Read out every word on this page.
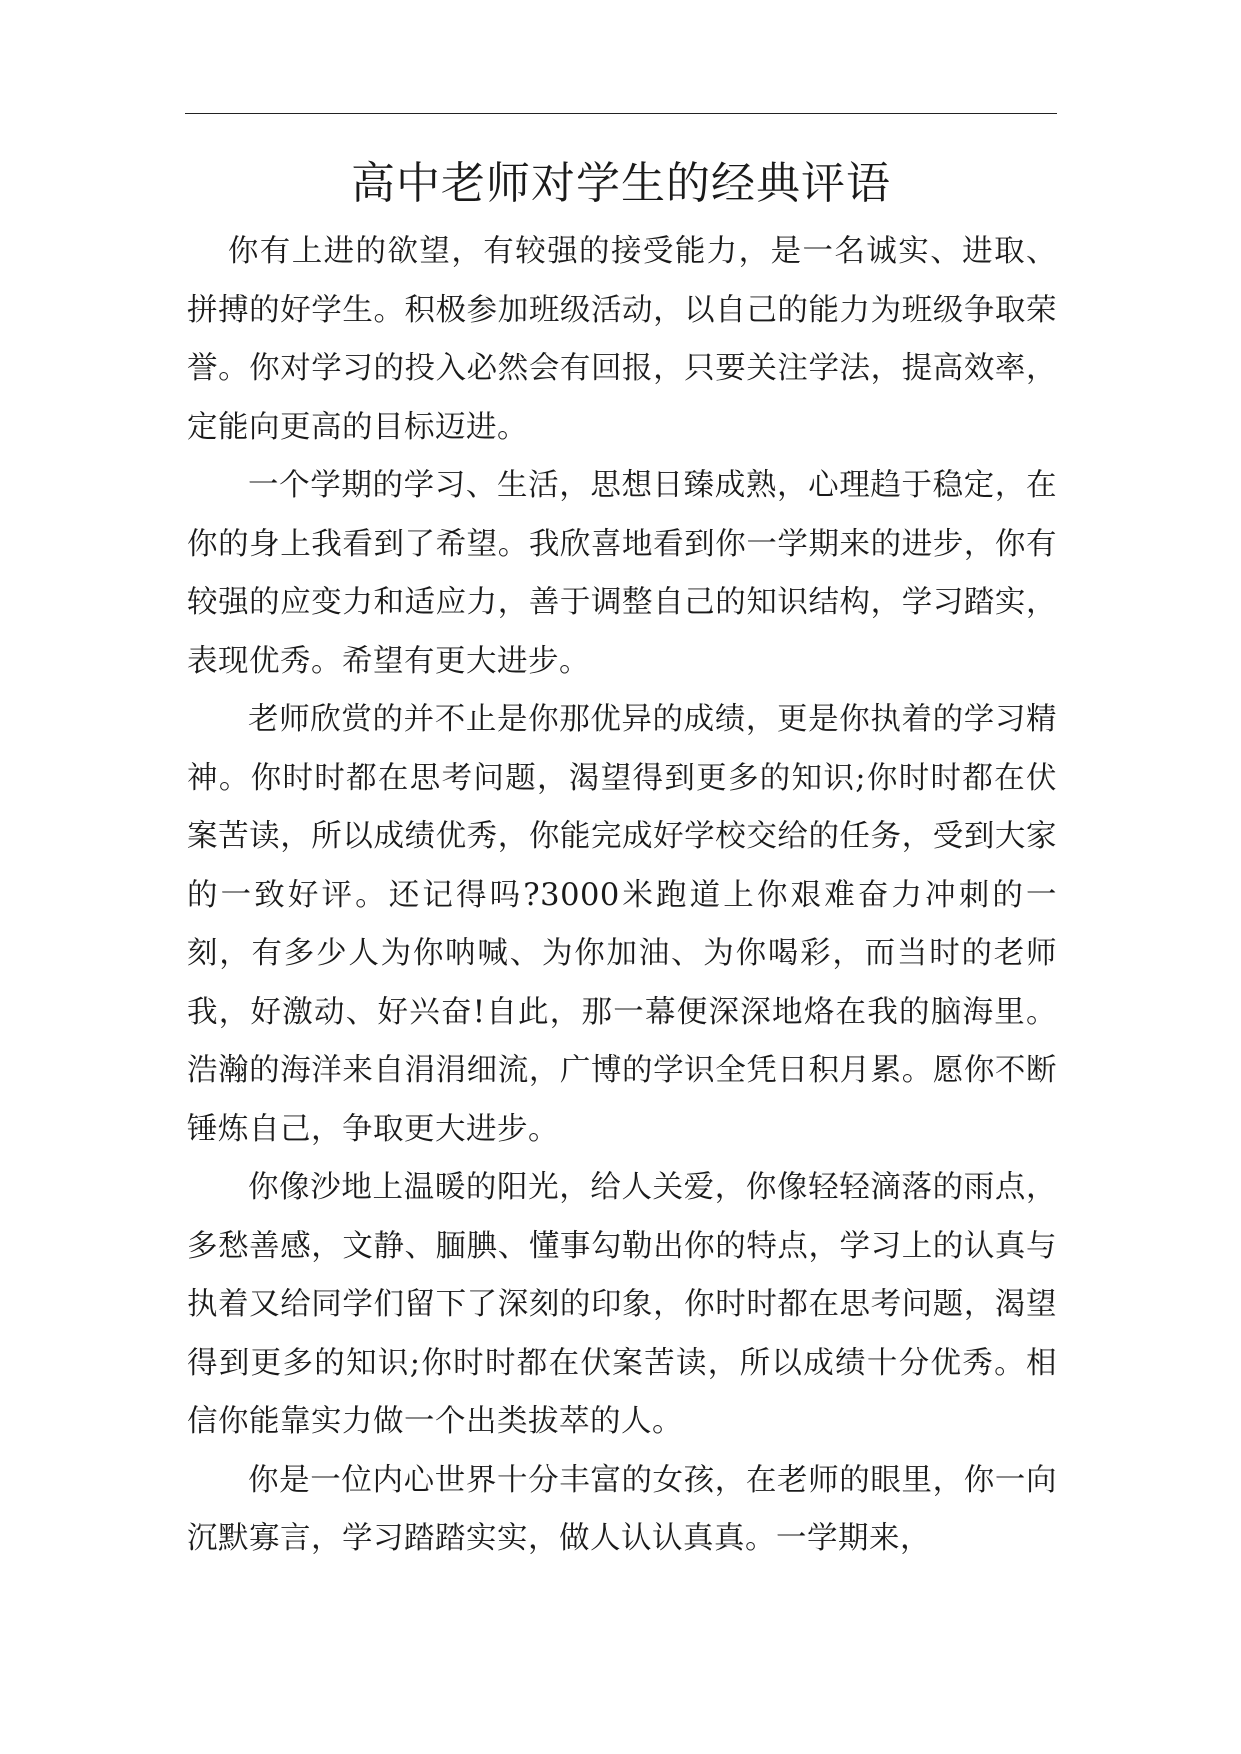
高中老师对学生的经典评语

你有上进的欲望，有较强的接受能力，是一名诚实、进取、拼搏的好学生。积极参加班级活动，以自己的能力为班级争取荣誉。你对学习的投入必然会有回报，只要关注学法，提高效率，定能向更高的目标迈进。

一个学期的学习、生活，思想日臻成熟，心理趋于稳定，在你的身上我看到了希望。我欣喜地看到你一学期来的进步，你有较强的应变力和适应力，善于调整自己的知识结构，学习踏实，表现优秀。希望有更大进步。

老师欣赏的并不止是你那优异的成绩，更是你执着的学习精神。你时时都在思考问题，渴望得到更多的知识;你时时都在伏案苦读，所以成绩优秀，你能完成好学校交给的任务，受到大家的一致好评。还记得吗?3000米跑道上你艰难奋力冲刺的一刻，有多少人为你呐喊、为你加油、为你喝彩，而当时的老师我，好激动、好兴奋!自此，那一幕便深深地烙在我的脑海里。浩瀚的海洋来自涓涓细流，广博的学识全凭日积月累。愿你不断锤炼自己，争取更大进步。

你像沙地上温暖的阳光，给人关爱，你像轻轻滴落的雨点，多愁善感，文静、腼腆、懂事勾勒出你的特点，学习上的认真与执着又给同学们留下了深刻的印象，你时时都在思考问题，渴望得到更多的知识;你时时都在伏案苦读，所以成绩十分优秀。相信你能靠实力做一个出类拔萃的人。

你是一位内心世界十分丰富的女孩，在老师的眼里，你一向沉默寡言，学习踏踏实实，做人认认真真。一学期来，
